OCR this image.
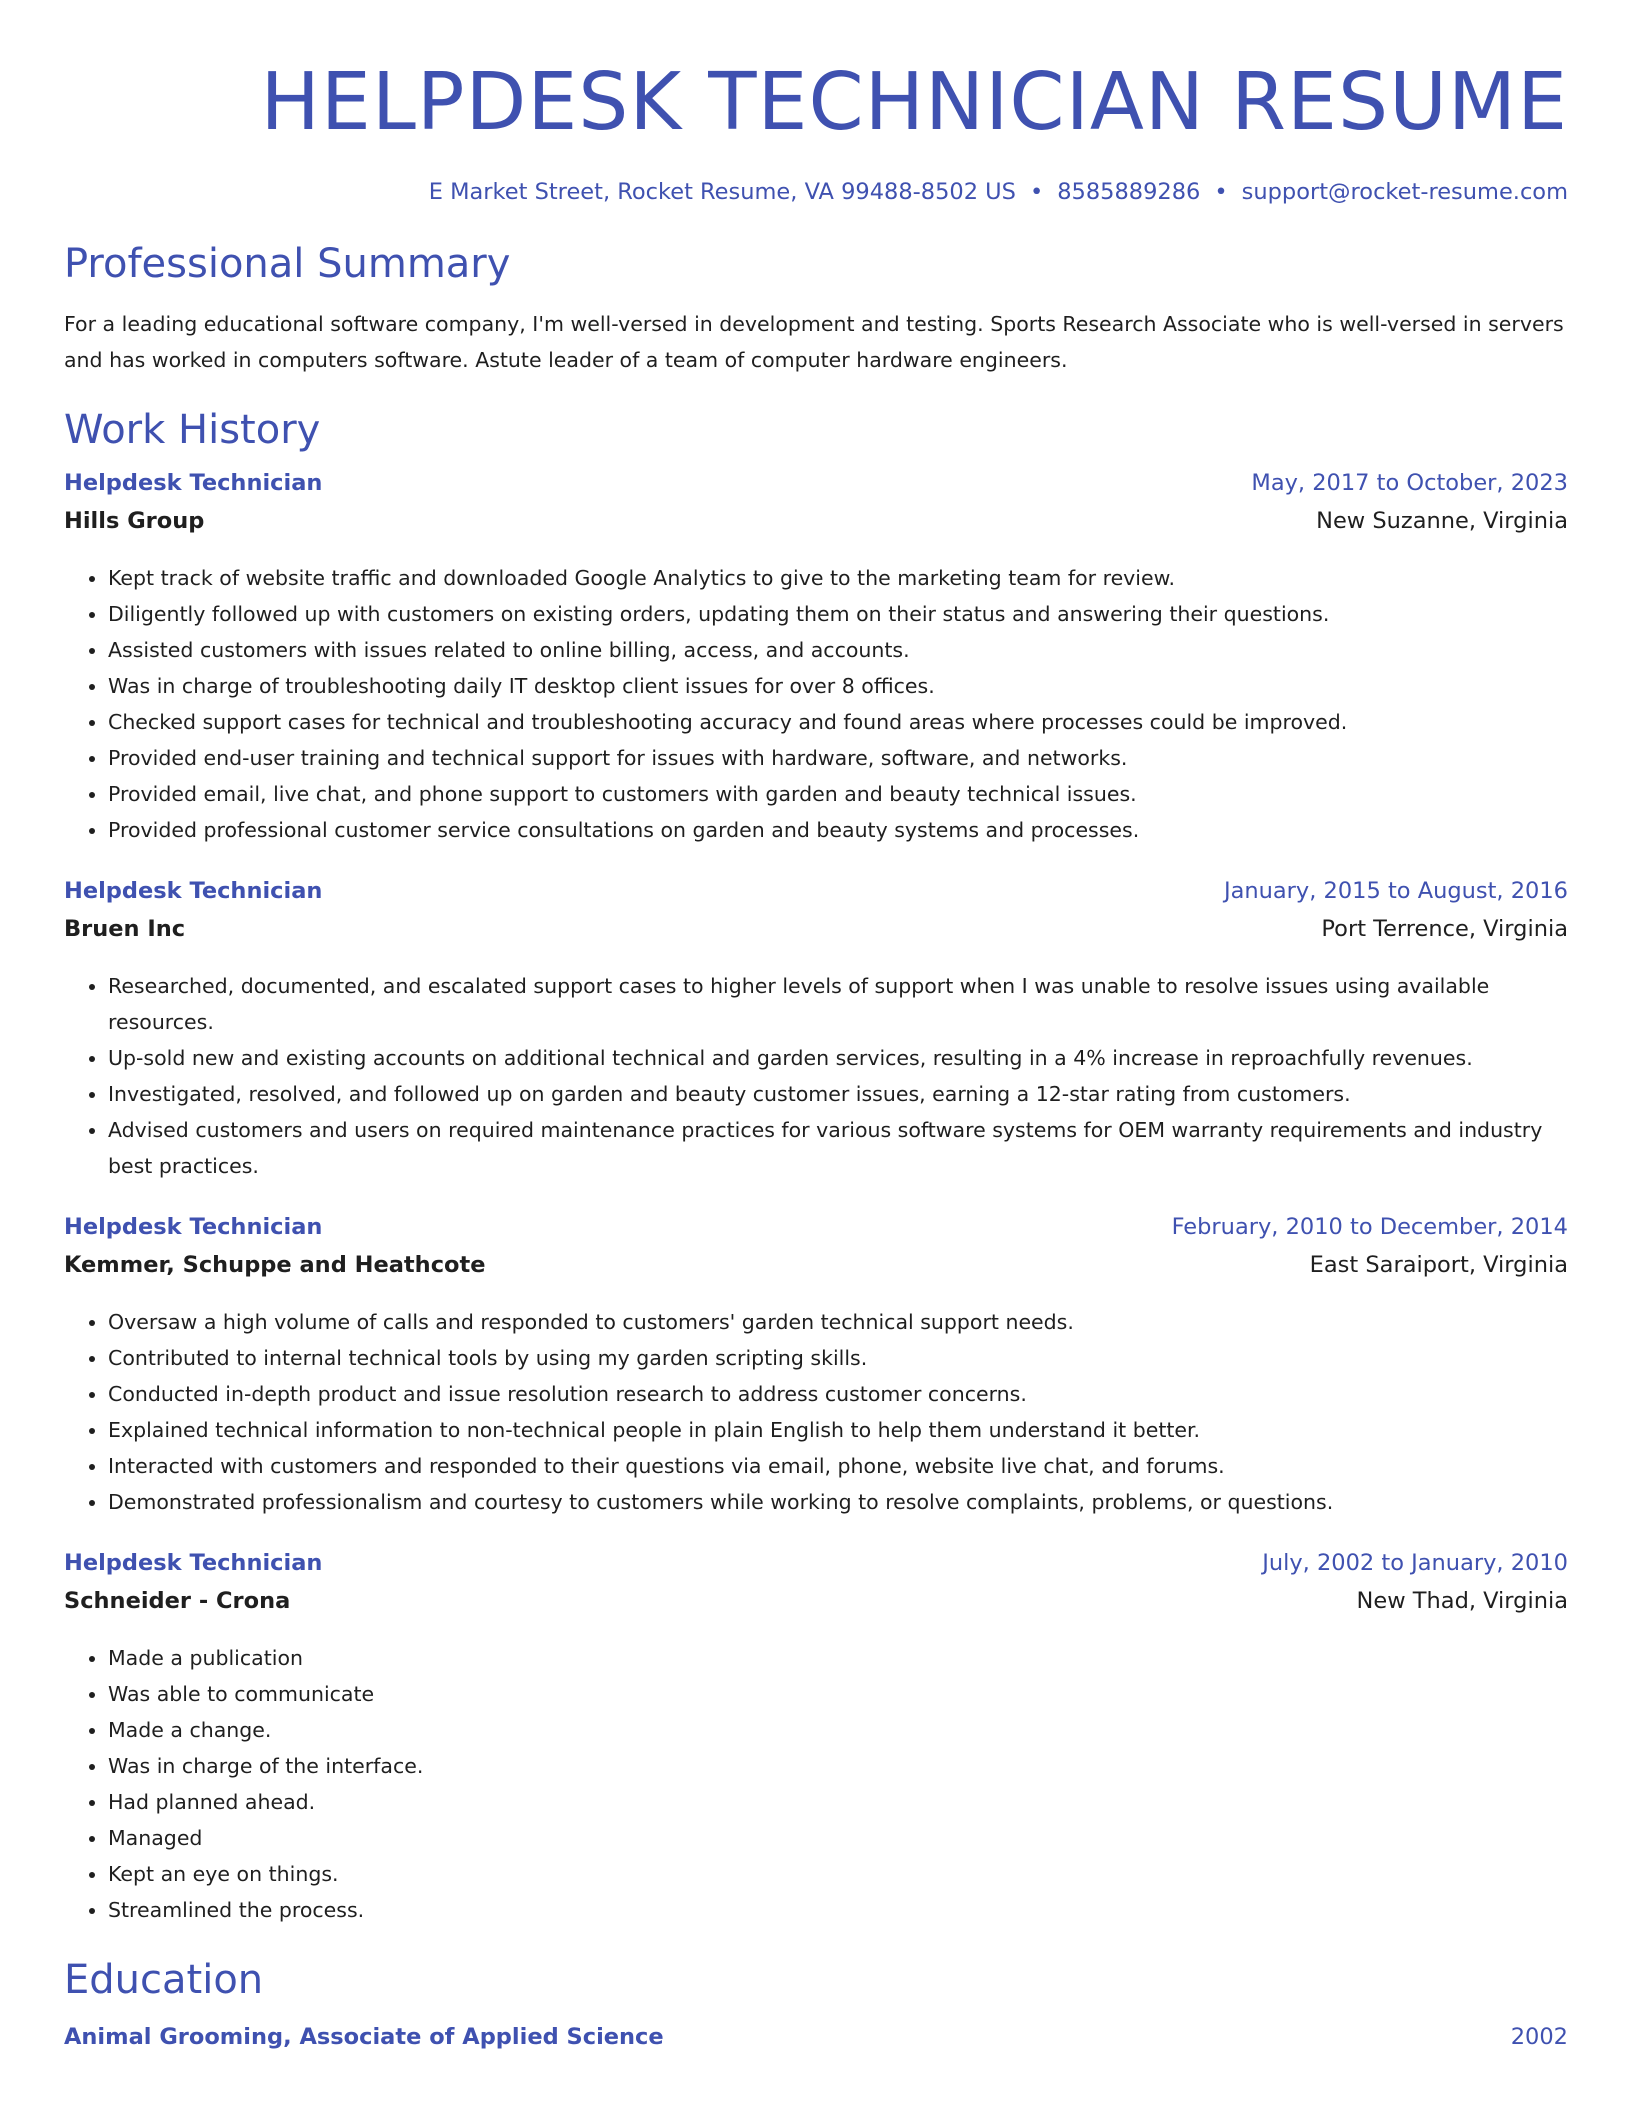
HELPDESK TECHNICIAN RESUME
E Market Street, Rocket Resume, VA 99488-8502 US • 8585889286 • support@rocket-resume.com
Professional Summary
For a leading educational software company, I'm well-versed in development and testing. Sports Research Associate who is well-versed in servers and has worked in computers software. Astute leader of a team of computer hardware engineers.
Work History
Helpdesk Technician	May, 2017 to October, 2023
Hills Group	New Suzanne, Virginia
• Kept track of website traffic and downloaded Google Analytics to give to the marketing team for review.
• Diligently followed up with customers on existing orders, updating them on their status and answering their questions.
• Assisted customers with issues related to online billing, access, and accounts.
• Was in charge of troubleshooting daily IT desktop client issues for over 8 offices.
• Checked support cases for technical and troubleshooting accuracy and found areas where processes could be improved.
• Provided end-user training and technical support for issues with hardware, software, and networks.
• Provided email, live chat, and phone support to customers with garden and beauty technical issues.
• Provided professional customer service consultations on garden and beauty systems and processes.
Helpdesk Technician	January, 2015 to August, 2016
Bruen Inc	Port Terrence, Virginia
• Researched, documented, and escalated support cases to higher levels of support when I was unable to resolve issues using available resources.
• Up-sold new and existing accounts on additional technical and garden services, resulting in a 4% increase in reproachfully revenues.
• Investigated, resolved, and followed up on garden and beauty customer issues, earning a 12-star rating from customers.
• Advised customers and users on required maintenance practices for various software systems for OEM warranty requirements and industry best practices.
Helpdesk Technician	February, 2010 to December, 2014
Kemmer, Schuppe and Heathcote	East Saraiport, Virginia
• Oversaw a high volume of calls and responded to customers' garden technical support needs.
• Contributed to internal technical tools by using my garden scripting skills.
• Conducted in-depth product and issue resolution research to address customer concerns.
• Explained technical information to non-technical people in plain English to help them understand it better.
• Interacted with customers and responded to their questions via email, phone, website live chat, and forums.
• Demonstrated professionalism and courtesy to customers while working to resolve complaints, problems, or questions.
Helpdesk Technician	July, 2002 to January, 2010
Schneider - Crona	New Thad, Virginia
• Made a publication
• Was able to communicate
• Made a change.
• Was in charge of the interface.
• Had planned ahead.
• Managed
• Kept an eye on things.
• Streamlined the process.
Education
Animal Grooming, Associate of Applied Science	2002
